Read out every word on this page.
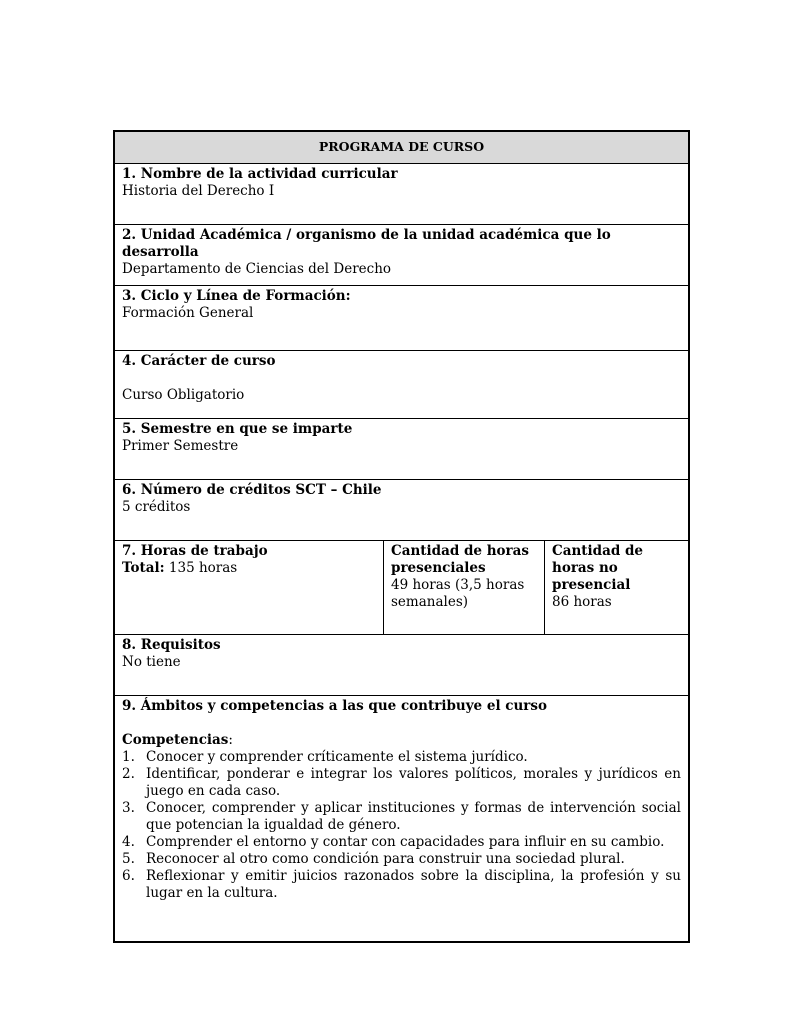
PROGRAMA DE CURSO
1. Nombre de la actividad curricular
Historia del Derecho I
2. Unidad Académica / organismo de la unidad académica que lo desarrolla
Departamento de Ciencias del Derecho
3. Ciclo y Línea de Formación:
Formación General
4. Carácter de curso
Curso Obligatorio
5. Semestre en que se imparte
Primer Semestre
6. Número de créditos SCT – Chile
5 créditos
7. Horas de trabajo
Total: 135 horas
Cantidad de horas presenciales
49 horas (3,5 horas semanales)
Cantidad de horas no presencial
86 horas
8. Requisitos
No tiene
9. Ámbitos y competencias a las que contribuye el curso
Competencias:
1. Conocer y comprender críticamente el sistema jurídico.
2. Identificar, ponderar e integrar los valores políticos, morales y jurídicos en juego en cada caso.
3. Conocer, comprender y aplicar instituciones y formas de intervención social que potencian la igualdad de género.
4. Comprender el entorno y contar con capacidades para influir en su cambio.
5. Reconocer al otro como condición para construir una sociedad plural.
6. Reflexionar y emitir juicios razonados sobre la disciplina, la profesión y su lugar en la cultura.
